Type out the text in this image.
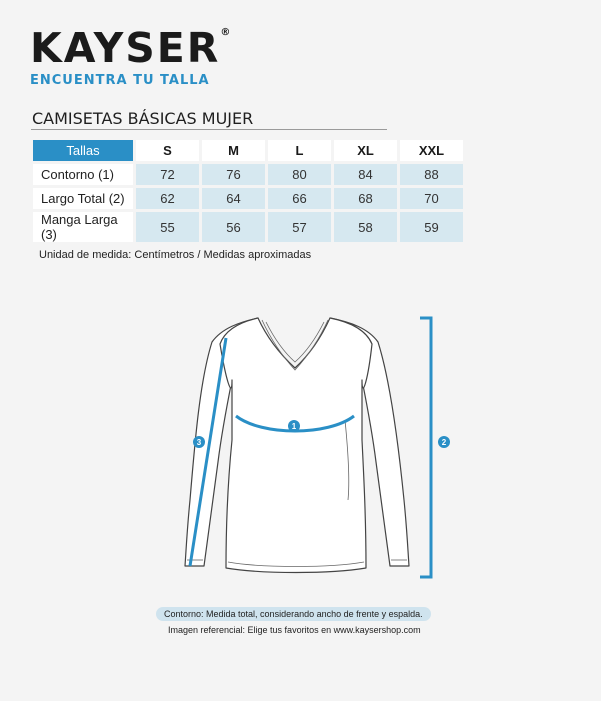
KAYSER ®
ENCUENTRA TU TALLA
CAMISETAS BÁSICAS MUJER
Tallas	S	M	L	XL	XXL
Contorno (1)	72	76	80	84	88
Largo Total (2)	62	64	66	68	70
Manga Larga (3)	55	56	57	58	59
Unidad de medida: Centímetros / Medidas aproximadas
1
3	2
Contorno: Medida total, considerando ancho de frente y espalda.
Imagen referencial: Elige tus favoritos en www.kaysershop.com
